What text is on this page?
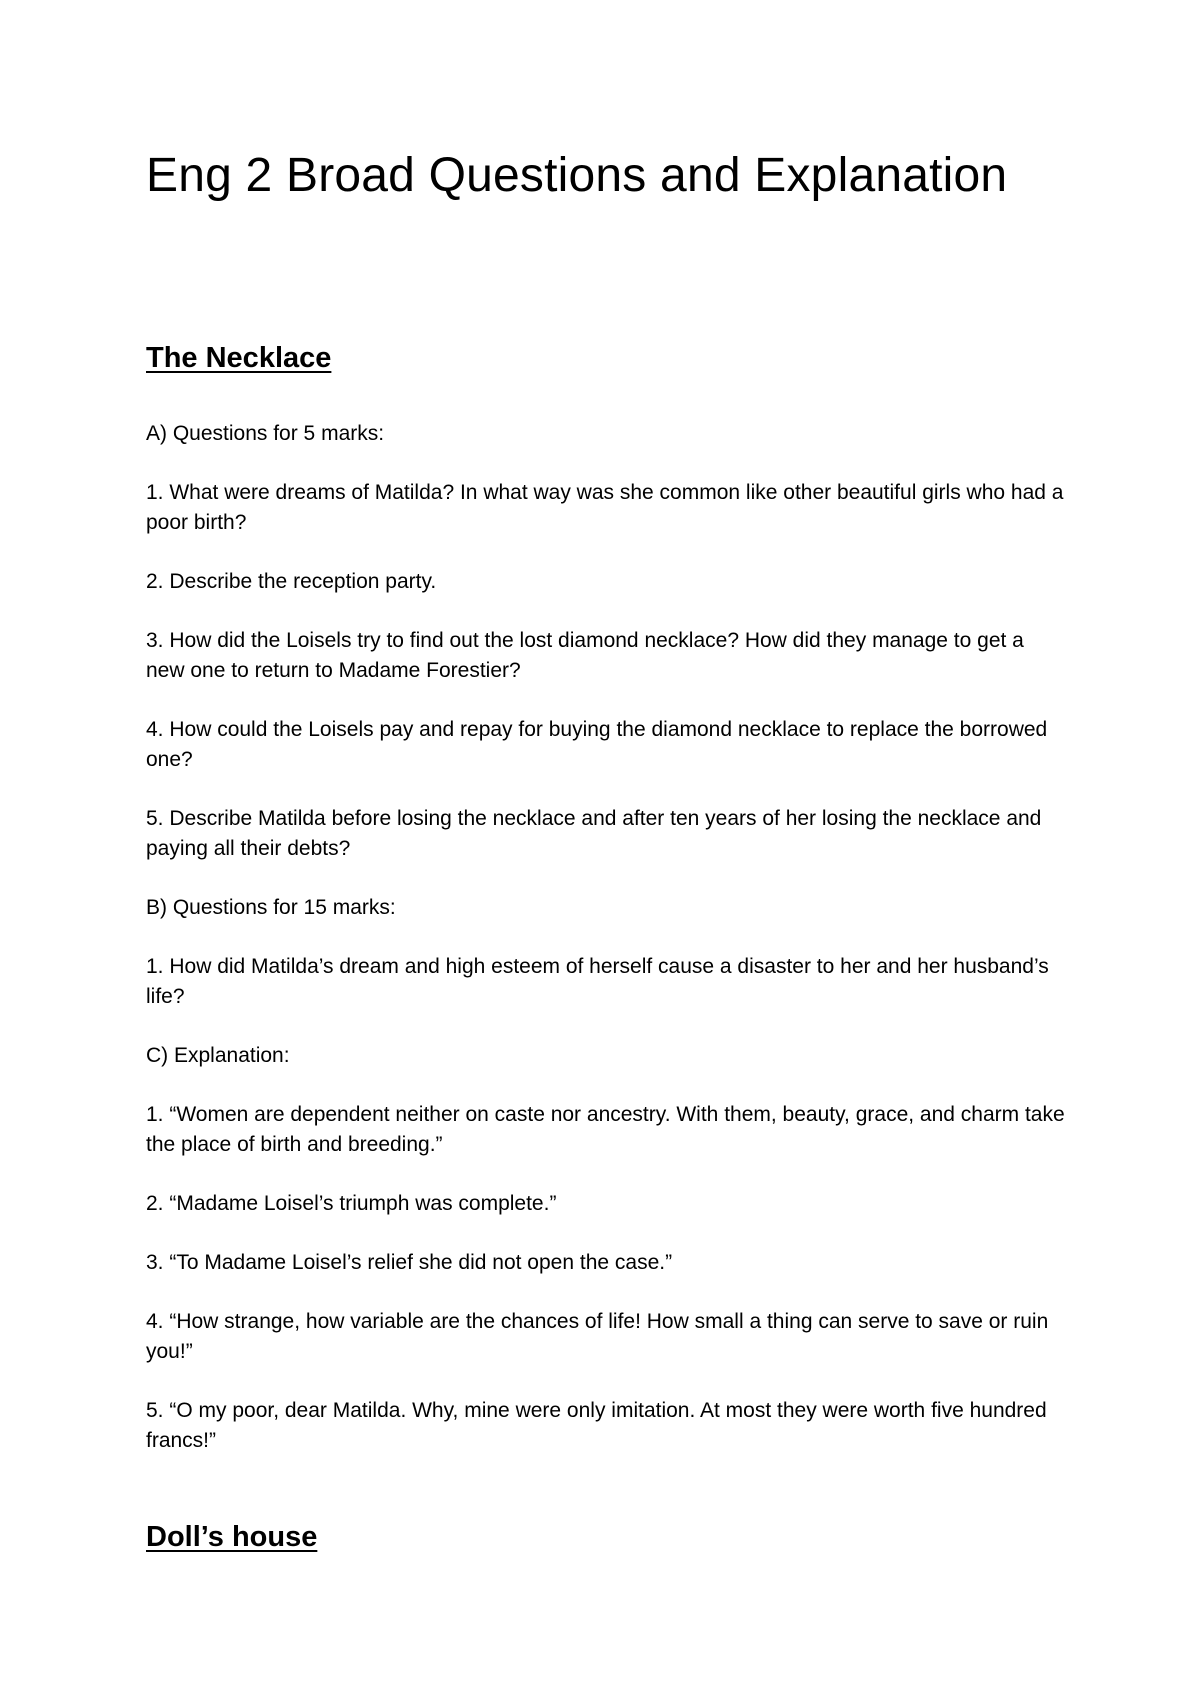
Eng 2 Broad Questions and Explanation
The Necklace

A) Questions for 5 marks:

1. What were dreams of Matilda? In what way was she common like other beautiful girls who had a poor birth?

2. Describe the reception party.

3. How did the Loisels try to find out the lost diamond necklace? How did they manage to get a new one to return to Madame Forestier?

4. How could the Loisels pay and repay for buying the diamond necklace to replace the borrowed one?

5. Describe Matilda before losing the necklace and after ten years of her losing the necklace and paying all their debts?

B) Questions for 15 marks:

1. How did Matilda’s dream and high esteem of herself cause a disaster to her and her husband’s life?

C) Explanation:

1. “Women are dependent neither on caste nor ancestry. With them, beauty, grace, and charm take the place of birth and breeding.”

2. “Madame Loisel’s triumph was complete.”

3. “To Madame Loisel’s relief she did not open the case.”

4. “How strange, how variable are the chances of life! How small a thing can serve to save or ruin you!”

5. “O my poor, dear Matilda. Why, mine were only imitation. At most they were worth five hundred francs!”

Doll’s house
